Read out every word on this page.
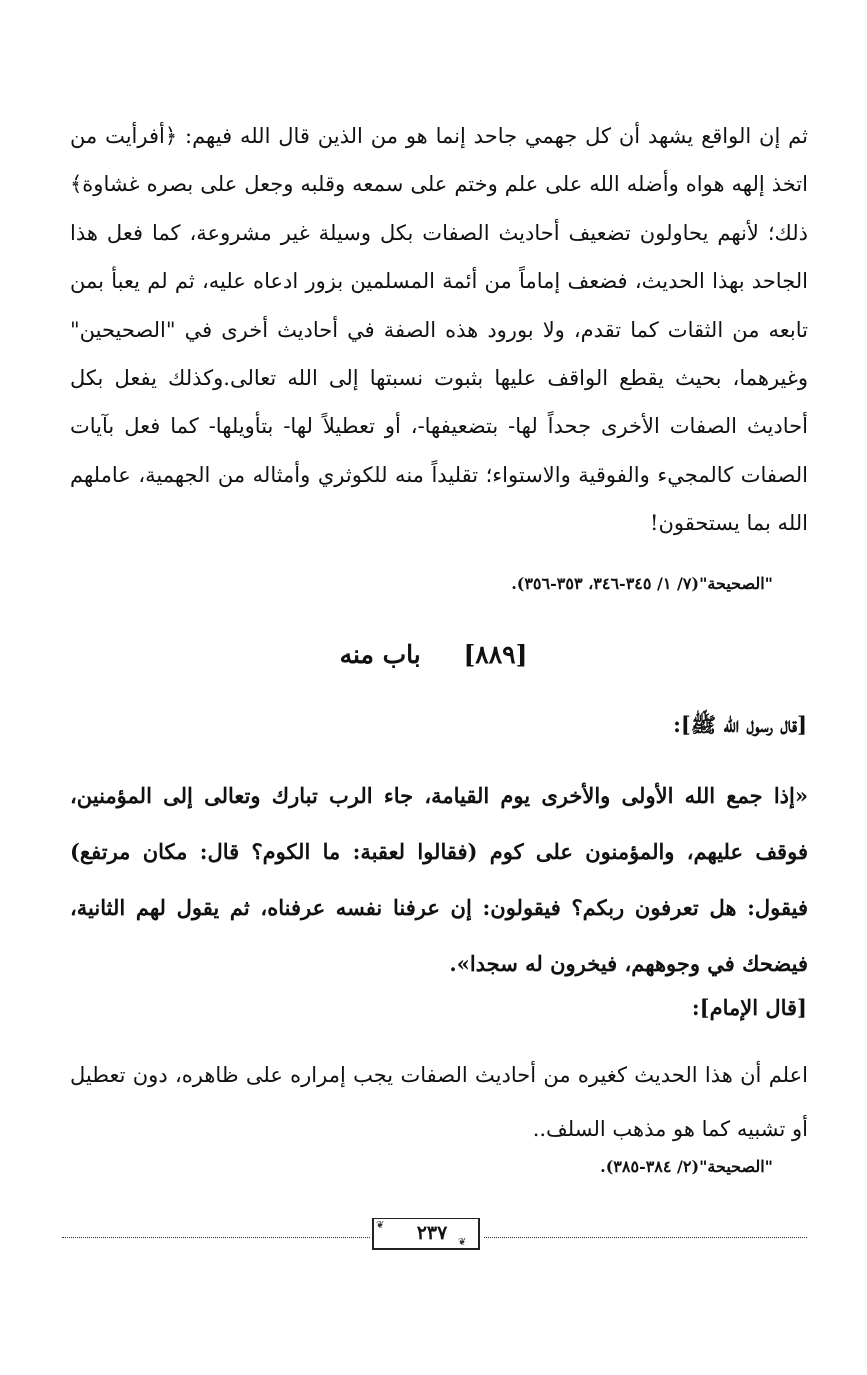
ثم إن الواقع يشهد أن كل جهمي جاحد إنما هو من الذين قال الله فيهم: ﴿أفرأيت من اتخذ إلهه هواه وأضله الله على علم وختم على سمعه وقلبه وجعل على بصره غشاوة﴾ ذلك؛ لأنهم يحاولون تضعيف أحاديث الصفات بكل وسيلة غير مشروعة، كما فعل هذا الجاحد بهذا الحديث، فضعف إماماً من أئمة المسلمين بزور ادعاه عليه، ثم لم يعبأ بمن تابعه من الثقات كما تقدم، ولا بورود هذه الصفة في أحاديث أخرى في "الصحيحين" وغيرهما، بحيث يقطع الواقف عليها بثبوت نسبتها إلى الله تعالى.وكذلك يفعل بكل أحاديث الصفات الأخرى جحداً لها- بتضعيفها-، أو تعطيلاً لها- بتأويلها- كما فعل بآيات الصفات كالمجيء والفوقية والاستواء؛ تقليداً منه للكوثري وأمثاله من الجهمية، عاملهم الله بما يستحقون!
"الصحيحة"(٧/ ١/ ٣٤٥-٣٤٦، ٣٥٣-٣٥٦).
[٨٨٩] باب منه
[قال رسول الله ﷺ]:
«إذا جمع الله الأولى والأخرى يوم القيامة، جاء الرب تبارك وتعالى إلى المؤمنين، فوقف عليهم، والمؤمنون على كوم (فقالوا لعقبة: ما الكوم؟ قال: مكان مرتفع) فيقول: هل تعرفون ربكم؟ فيقولون: إن عرفنا نفسه عرفناه، ثم يقول لهم الثانية، فيضحك في وجوههم، فيخرون له سجدا».
[قال الإمام]:
اعلم أن هذا الحديث كغيره من أحاديث الصفات يجب إمراره على ظاهره، دون تعطيل أو تشبيه كما هو مذهب السلف..
"الصحيحة"(٢/ ٣٨٤-٣٨٥).
❦
❦
٢٣٧
